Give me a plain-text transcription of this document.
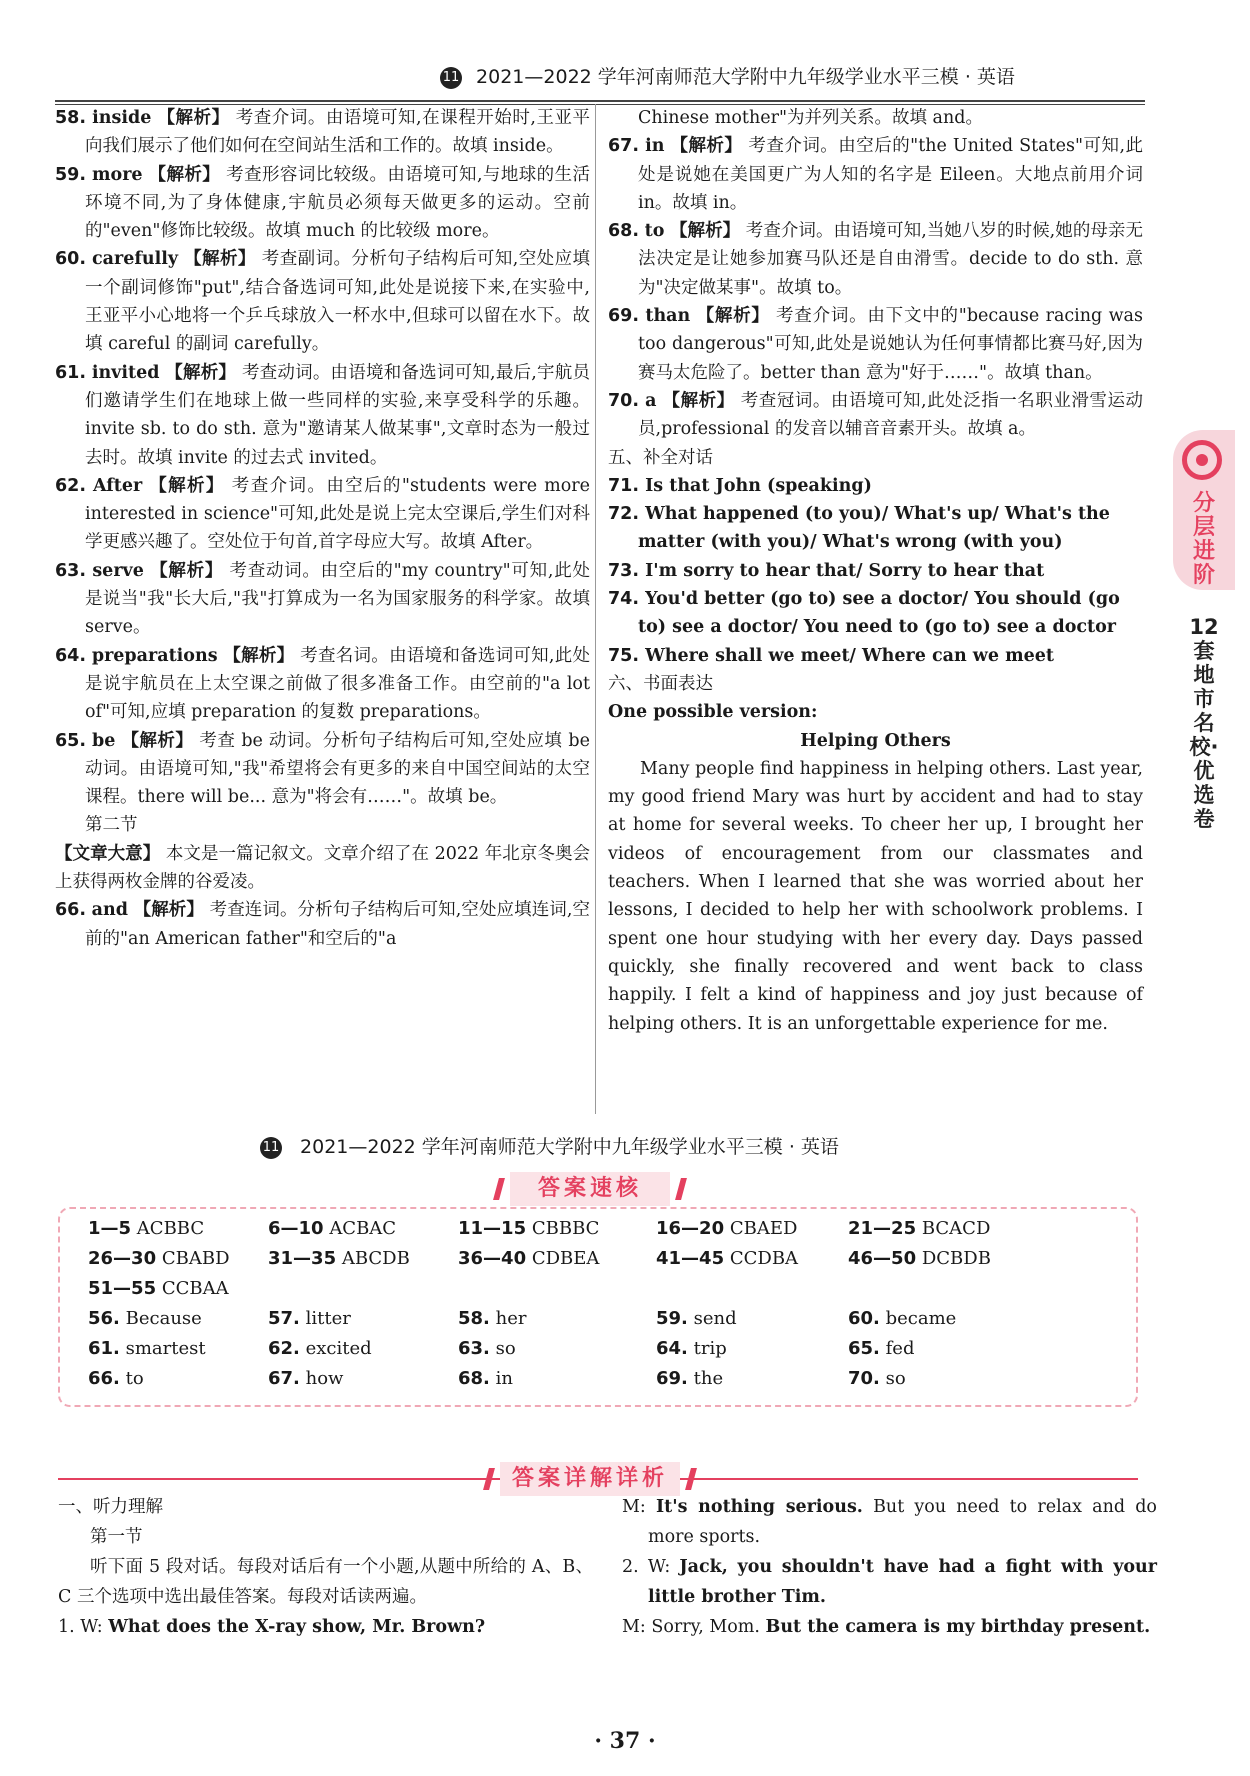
11 2021—2022 学年河南师范大学附中九年级学业水平三模 · 英语

58. inside 【解析】 考查介词。由语境可知,在课程开始时,王亚平向我们展示了他们如何在空间站生活和工作的。故填 inside。

59. more 【解析】 考查形容词比较级。由语境可知,与地球的生活环境不同,为了身体健康,宇航员必须每天做更多的运动。空前的"even"修饰比较级。故填 much 的比较级 more。

60. carefully 【解析】 考查副词。分析句子结构后可知,空处应填一个副词修饰"put",结合备选词可知,此处是说接下来,在实验中,王亚平小心地将一个乒乓球放入一杯水中,但球可以留在水下。故填 careful 的副词 carefully。

61. invited 【解析】 考查动词。由语境和备选词可知,最后,宇航员们邀请学生们在地球上做一些同样的实验,来享受科学的乐趣。invite sb. to do sth. 意为"邀请某人做某事",文章时态为一般过去时。故填 invite 的过去式 invited。

62. After 【解析】 考查介词。由空后的"students were more interested in science"可知,此处是说上完太空课后,学生们对科学更感兴趣了。空处位于句首,首字母应大写。故填 After。

63. serve 【解析】 考查动词。由空后的"my country"可知,此处是说当"我"长大后,"我"打算成为一名为国家服务的科学家。故填 serve。

64. preparations 【解析】 考查名词。由语境和备选词可知,此处是说宇航员在上太空课之前做了很多准备工作。由空前的"a lot of"可知,应填 preparation 的复数 preparations。

65. be 【解析】 考查 be 动词。分析句子结构后可知,空处应填 be 动词。由语境可知,"我"希望将会有更多的来自中国空间站的太空课程。there will be... 意为"将会有……"。故填 be。

第二节

【文章大意】 本文是一篇记叙文。文章介绍了在 2022 年北京冬奥会上获得两枚金牌的谷爱凌。

66. and 【解析】 考查连词。分析句子结构后可知,空处应填连词,空前的"an American father"和空后的"a

Chinese mother"为并列关系。故填 and。

67. in 【解析】 考查介词。由空后的"the United States"可知,此处是说她在美国更广为人知的名字是 Eileen。大地点前用介词 in。故填 in。

68. to 【解析】 考查介词。由语境可知,当她八岁的时候,她的母亲无法决定是让她参加赛马队还是自由滑雪。decide to do sth. 意为"决定做某事"。故填 to。

69. than 【解析】 考查介词。由下文中的"because racing was too dangerous"可知,此处是说她认为任何事情都比赛马好,因为赛马太危险了。better than 意为"好于……"。故填 than。

70. a 【解析】 考查冠词。由语境可知,此处泛指一名职业滑雪运动员,professional 的发音以辅音音素开头。故填 a。

五、补全对话

71. Is that John (speaking)

72. What happened (to you)/ What's up/ What's the matter (with you)/ What's wrong (with you)

73. I'm sorry to hear that/ Sorry to hear that

74. You'd better (go to) see a doctor/ You should (go to) see a doctor/ You need to (go to) see a doctor

75. Where shall we meet/ Where can we meet

六、书面表达

One possible version:

Helping Others

Many people find happiness in helping others. Last year, my good friend Mary was hurt by accident and had to stay at home for several weeks. To cheer her up, I brought her videos of encouragement from our classmates and teachers. When I learned that she was worried about her lessons, I decided to help her with schoolwork problems. I spent one hour studying with her every day. Days passed quickly, she finally recovered and went back to class happily. I felt a kind of happiness and joy just because of helping others. It is an unforgettable experience for me.

分层进阶
12套地市名校·优选卷
11 2021—2022 学年河南师范大学附中九年级学业水平三模 · 英语
答案速核
1—5 ACBBC	6—10 ACBAC	11—15 CBBBC	16—20 CBAED	21—25 BCACD
26—30 CBABD 31—35 ABCDB	36—40 CDBEA	41—45 CCDBA	46—50 DCBDB
51—55 CCBAA
56. Because	57. litter	58. her	59. send	60. became
61. smartest	62. excited	63. so	64. trip	65. fed
66. to	67. how	68. in	69. the	70. so
答案详解详析

一、听力理解

第一节

听下面 5 段对话。每段对话后有一个小题,从题中所给的 A、B、C 三个选项中选出最佳答案。每段对话读两遍。

1. W: What does the X-ray show, Mr. Brown?

M: It's nothing serious. But you need to relax and do more sports.

2. W: Jack, you shouldn't have had a fight with your little brother Tim.

M: Sorry, Mom. But the camera is my birthday present.

· 37 ·
